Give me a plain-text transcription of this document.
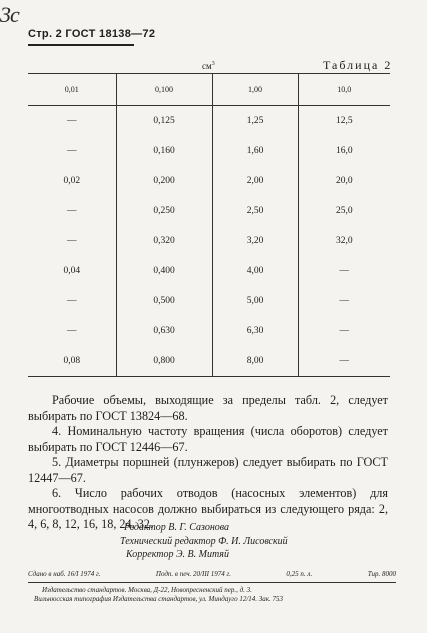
3с
Стр. 2 ГОСТ 18138—72
$см^3$	Таблица 2
0,01	0,100	1,00	10,0
—	0,125	1,25	12,5
—	0,160	1,60	16,0
0,02	0,200	2,00	20,0
—	0,250	2,50	25,0
—	0,320	3,20	32,0
0,04	0,400	4,00	—
—	0,500	5,00	—
—	0,630	6,30	—
0,08	0,800	8,00	—

Рабочие объемы, выходящие за пределы табл. 2, следует выбирать по ГОСТ 13824—68.

4. Номинальную частоту вращения (числа оборотов) следует выбирать по ГОСТ 12446—67.

5. Диаметры поршней (плунжеров) следует выбирать по ГОСТ 12447—67.

6. Число рабочих отводов (насосных элементов) для многоотводных насосов должно выбираться из следующего ряда: 2, 4, 6, 8, 12, 16, 18, 24, 32.

Редактор В. Г. Сазонова
Технический редактор Ф. И. Лисовский
Корректор Э. В. Митяй
Сдано в наб. 16/I 1974 г.	Подп. в печ. 20/III 1974 г.	0,25 п. л.	Тир. 8000
Издательство стандартов. Москва, Д-22, Новопресненский пер., д. 3.
Вильнюсская типография Издательства стандартов, ул. Миндауго 12/14. Зак. 753
